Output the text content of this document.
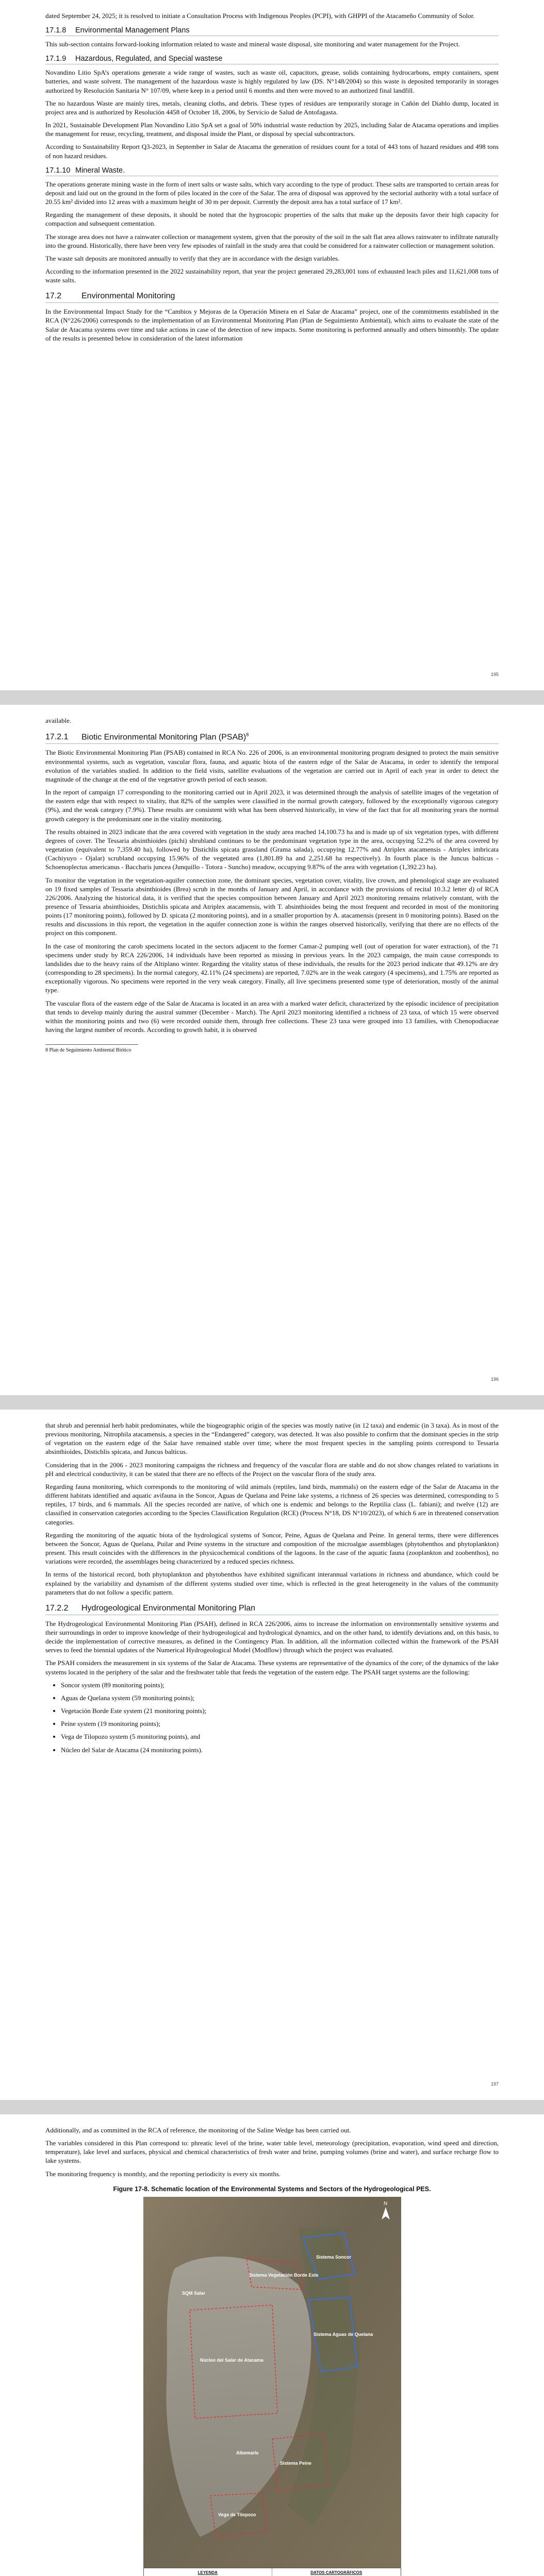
dated September 24, 2025; it is resolved to initiate a Consultation Process with Indigenous Peoples (PCPI), with GHPPI of the Atacameño Community of Solor.

17.1.8 Environmental Management Plans

This sub-section contains forward-looking information related to waste and mineral waste disposal, site monitoring and water management for the Project.

17.1.9 Hazardous, Regulated, and Special wastese

Novandino Litio SpA’s operations generate a wide range of wastes, such as waste oil, capacitors, grease, solids containing hydrocarbons, empty containers, spent batteries, and waste solvent. The management of the hazardous waste is highly regulated by law (DS. N°148/2004) so this waste is deposited temporarily in storages authorized by Resolución Sanitaria N° 107/09, where keep in a period until 6 months and then were moved to an authorized final landfill.

The no hazardous Waste are mainly tires, metals, cleaning cloths, and debris. These types of residues are temporarily storage in Cañón del Diablo dump, located in project area and is authorized by Resolución 4458 of October 18, 2006, by Servicio de Salud de Antofagasta.

In 2021, Sustainable Development Plan Novandino Litio SpA set a goal of 50% industrial waste reduction by 2025, including Salar de Atacama operations and implies the management for reuse, recycling, treatment, and disposal inside the Plant, or disposal by special subcontractors.

According to Sustainability Report Q3-2023, in September in Salar de Atacama the generation of residues count for a total of 443 tons of hazard residues and 498 tons of non hazard residues.

17.1.10 Mineral Waste.

The operations generate mining waste in the form of inert salts or waste salts, which vary according to the type of product. These salts are transported to certain areas for deposit and laid out on the ground in the form of piles located in the core of the Salar. The area of disposal was approved by the sectorial authority with a total surface of 20.55 km² divided into 12 areas with a maximum height of 30 m per deposit. Currently the deposit area has a total surface of 17 km².

Regarding the management of these deposits, it should be noted that the hygroscopic properties of the salts that make up the deposits favor their high capacity for compaction and subsequent cementation.

The storage area does not have a rainwater collection or management system, given that the porosity of the soil in the salt flat area allows rainwater to infiltrate naturally into the ground. Historically, there have been very few episodes of rainfall in the study area that could be considered for a rainwater collection or management solution.

The waste salt deposits are monitored annually to verify that they are in accordance with the design variables.

According to the information presented in the 2022 sustainability report, that year the project generated 29,283,001 tons of exhausted leach piles and 11,621,008 tons of waste salts.

17.2 Environmental Monitoring

In the Environmental Impact Study for the “Cambios y Mejoras de la Operación Minera en el Salar de Atacama” project, one of the commitments established in the RCA (N°226/2006) corresponds to the implementation of an Environmental Monitoring Plan (Plan de Seguimiento Ambiental), which aims to evaluate the state of the Salar de Atacama systems over time and take actions in case of the detection of new impacts. Some monitoring is performed annually and others bimonthly. The update of the results is presented below in consideration of the latest information

195

available.

17.2.1 Biotic Environmental Monitoring Plan (PSAB)$^8$

The Biotic Environmental Monitoring Plan (PSAB) contained in RCA No. 226 of 2006, is an environmental monitoring program designed to protect the main sensitive environmental systems, such as vegetation, vascular flora, fauna, and aquatic biota of the eastern edge of the Salar de Atacama, in order to identify the temporal evolution of the variables studied. In addition to the field visits, satellite evaluations of the vegetation are carried out in April of each year in order to detect the magnitude of the change at the end of the vegetative growth period of each season.

In the report of campaign 17 corresponding to the monitoring carried out in April 2023, it was determined through the analysis of satellite images of the vegetation of the eastern edge that with respect to vitality, that 82% of the samples were classified in the normal growth category, followed by the exceptionally vigorous category (9%), and the weak category (7.9%). These results are consistent with what has been observed historically, in view of the fact that for all monitoring years the normal growth category is the predominant one in the vitality monitoring.

The results obtained in 2023 indicate that the area covered with vegetation in the study area reached 14,100.73 ha and is made up of six vegetation types, with different degrees of cover. The Tessaria absinthioides (pichi) shrubland continues to be the predominant vegetation type in the area, occupying 52.2% of the area covered by vegetation (equivalent to 7,359.40 ha), followed by Distichlis spicata grassland (Grama salada), occupying 12.77% and Atriplex atacamensis - Atriplex imbricata (Cachiyuyo - Ojalar) scrubland occupying 15.96% of the vegetated area (1,801.89 ha and 2,251.68 ha respectively). In fourth place is the Juncus balticus - Schoenoplectus americanus - Baccharis juncea (Junquillo - Totora - Suncho) meadow, occupying 9.87% of the area with vegetation (1,392.23 ha).

To monitor the vegetation in the vegetation-aquifer connection zone, the dominant species, vegetation cover, vitality, live crown, and phenological stage are evaluated on 19 fixed samples of Tessaria absinthioides (Brea) scrub in the months of January and April, in accordance with the provisions of recital 10.3.2 letter d) of RCA 226/2006. Analyzing the historical data, it is verified that the species composition between January and April 2023 monitoring remains relatively constant, with the presence of Tessaria absinthioides, Distichlis spicata and Atriplex atacamensis, with T. absinthioides being the most frequent and recorded in most of the monitoring points (17 monitoring points), followed by D. spicata (2 monitoring points), and in a smaller proportion by A. atacamensis (present in 0 monitoring points). Based on the results and discussions in this report, the vegetation in the aquifer connection zone is within the ranges observed historically, verifying that there are no effects of the project on this component.

In the case of monitoring the carob specimens located in the sectors adjacent to the former Camar-2 pumping well (out of operation for water extraction), of the 71 specimens under study by RCA 226/2006, 14 individuals have been reported as missing in previous years. In the 2023 campaign, the main cause corresponds to landslides due to the heavy rains of the Altiplano winter. Regarding the vitality status of these individuals, the results for the 2023 period indicate that 49.12% are dry (corresponding to 28 specimens). In the normal category, 42.11% (24 specimens) are reported, 7.02% are in the weak category (4 specimens), and 1.75% are reported as exceptionally vigorous. No specimens were reported in the very weak category. Finally, all live specimens presented some type of deterioration, mostly of the animal type.

The vascular flora of the eastern edge of the Salar de Atacama is located in an area with a marked water deficit, characterized by the episodic incidence of precipitation that tends to develop mainly during the austral summer (December - March). The April 2023 monitoring identified a richness of 23 taxa, of which 15 were observed within the monitoring points and two (6) were recorded outside them, through free collections. These 23 taxa were grouped into 13 families, with Chenopodiaceae having the largest number of records. According to growth habit, it is observed

8 Plan de Seguimiento Ambiental Biótico

196

that shrub and perennial herb habit predominates, while the biogeographic origin of the species was mostly native (in 12 taxa) and endemic (in 3 taxa). As in most of the previous monitoring, Nitrophila atacamensis, a species in the “Endangered” category, was detected. It was also possible to confirm that the dominant species in the strip of vegetation on the eastern edge of the Salar have remained stable over time; where the most frequent species in the sampling points correspond to Tessaria absinthioides, Distichlis spicata, and Juncus balticus.

Considering that in the 2006 - 2023 monitoring campaigns the richness and frequency of the vascular flora are stable and do not show changes related to variations in pH and electrical conductivity, it can be stated that there are no effects of the Project on the vascular flora of the study area.

Regarding fauna monitoring, which corresponds to the monitoring of wild animals (reptiles, land birds, mammals) on the eastern edge of the Salar de Atacama in the different habitats identified and aquatic avifauna in the Soncor, Aguas de Quelana and Peine lake systems, a richness of 26 species was determined, corresponding to 5 reptiles, 17 birds, and 6 mammals. All the species recorded are native, of which one is endemic and belongs to the Reptilia class (L. fabiani); and twelve (12) are classified in conservation categories according to the Species Classification Regulation (RCE) (Process N°18, DS N°10/2023), of which 6 are in threatened conservation categories.

Regarding the monitoring of the aquatic biota of the hydrological systems of Soncor, Peine, Aguas de Quelana and Peine. In general terms, there were differences between the Soncor, Aguas de Quelana, Puilar and Peine systems in the structure and composition of the microalgae assemblages (phytobenthos and phytoplankton) present. This result coincides with the differences in the physicochemical conditions of the lagoons. In the case of the aquatic fauna (zooplankton and zoobenthos), no variations were recorded, the assemblages being characterized by a reduced species richness.

In terms of the historical record, both phytoplankton and phytobenthos have exhibited significant interannual variations in richness and abundance, which could be explained by the variability and dynamism of the different systems studied over time, which is reflected in the great heterogeneity in the values of the community parameters that do not follow a specific pattern.

17.2.2 Hydrogeological Environmental Monitoring Plan

The Hydrogeological Environmental Monitoring Plan (PSAH), defined in RCA 226/2006, aims to increase the information on environmentally sensitive systems and their surroundings in order to improve knowledge of their hydrogeological and hydrological dynamics, and on the other hand, to identify deviations and, on this basis, to decide the implementation of corrective measures, as defined in the Contingency Plan. In addition, all the information collected within the framework of the PSAH serves to feed the biennial updates of the Numerical Hydrogeological Model (Modflow) through which the project was evaluated.

The PSAH considers the measurement in six systems of the Salar de Atacama. These systems are representative of the dynamics of the core; of the dynamics of the lake systems located in the periphery of the salar and the freshwater table that feeds the vegetation of the eastern edge. The PSAH target systems are the following:

• Soncor system (89 monitoring points);
• Aguas de Quelana system (59 monitoring points);
• Vegetación Borde Este system (21 monitoring points);
• Peine system (19 monitoring points);
• Vega de Tilopozo system (5 monitoring points), and
• Núcleo del Salar de Atacama (24 monitoring points).
197

Additionally, and as committed in the RCA of reference, the monitoring of the Saline Wedge has been carried out.

The variables considered in this Plan correspond to: phreatic level of the brine, water table level, meteorology (precipitation, evaporation, wind speed and direction, temperature), lake level and surfaces, physical and chemical characteristics of fresh water and brine, pumping volumes (brine and water), and surface recharge flow to lake systems.

The monitoring frequency is monthly, and the reporting periodicity is every six months.

Figure 17-8. Schematic location of the Environmental Systems and Sectors of the Hydrogeological PES.
Sistema Soncor
Sistema Vegetación Borde Este
Sistema Aguas de Quelana
Núcleo del Salar de Atacama
Sistema Peine
Vega de Tilopozo
SQM Salar
Albemarle
N
LEYENDA	DATOS CARTOGRÁFICOS
